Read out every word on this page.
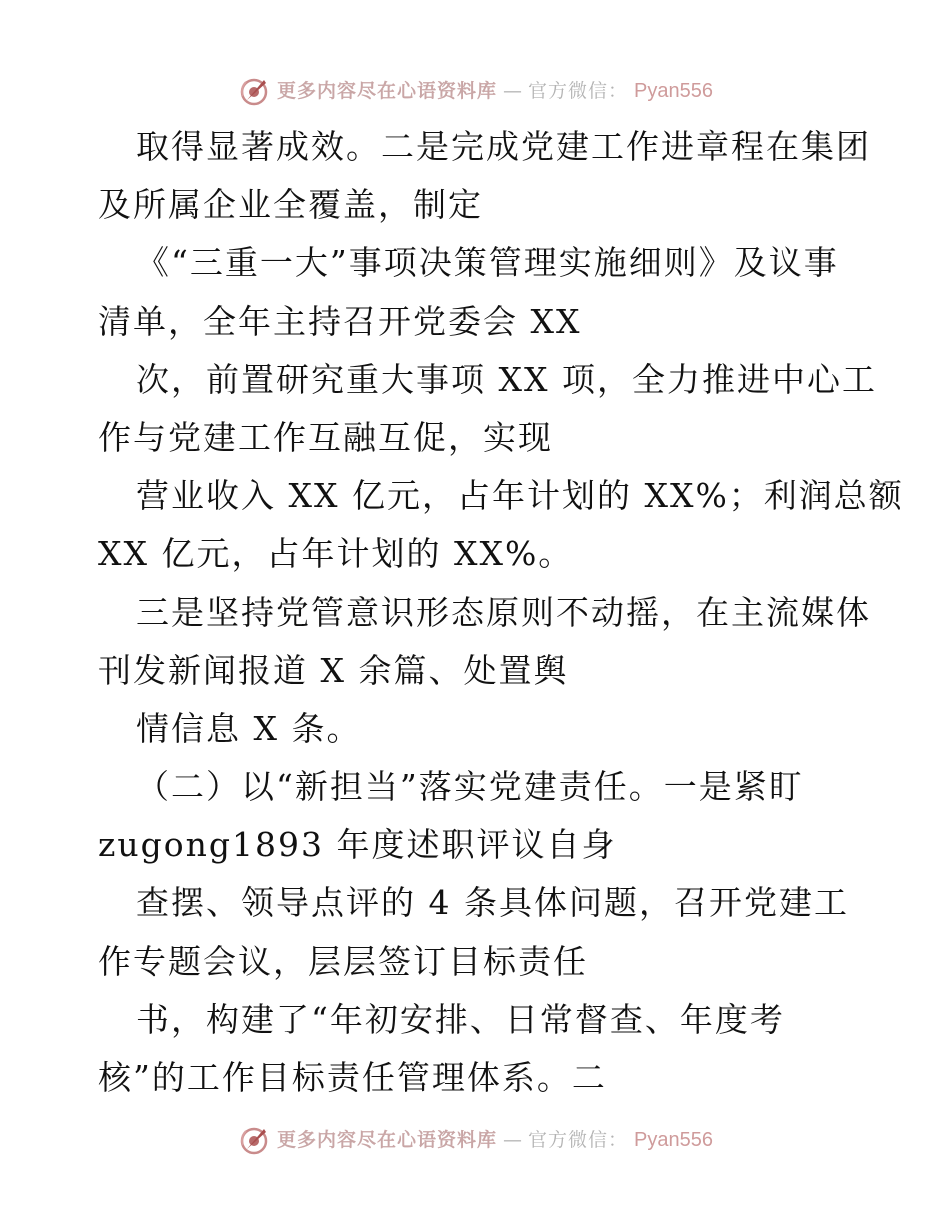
更多内容尽在心语资料库 — 官方微信： Pyan556
取得显著成效。二是完成党建工作进章程在集团
及所属企业全覆盖，制定
《“三重一大”事项决策管理实施细则》及议事
清单，全年主持召开党委会 XX
次，前置研究重大事项 XX 项，全力推进中心工
作与党建工作互融互促，实现
营业收入 XX 亿元，占年计划的 XX%；利润总额
XX 亿元，占年计划的 XX%。
三是坚持党管意识形态原则不动摇，在主流媒体
刊发新闻报道 X 余篇、处置舆
情信息 X 条。
（二）以“新担当”落实党建责任。一是紧盯
zugong1893 年度述职评议自身
查摆、领导点评的 4 条具体问题，召开党建工
作专题会议，层层签订目标责任
书，构建了“年初安排、日常督查、年度考
核”的工作目标责任管理体系。二
更多内容尽在心语资料库 — 官方微信： Pyan556
